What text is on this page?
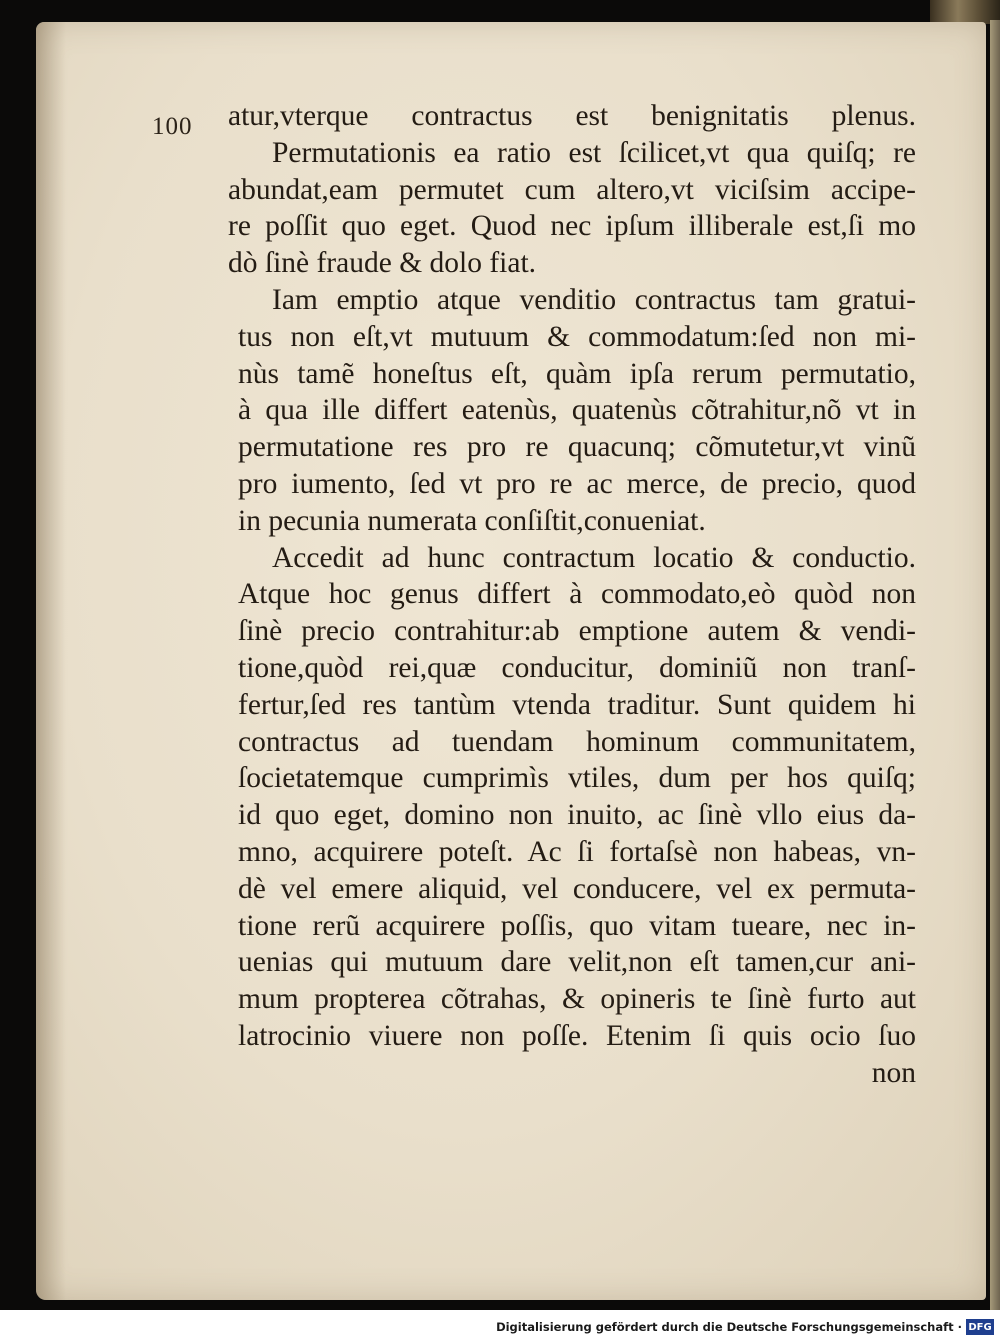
100 atur,vterque contractus est benignitatis plenus.
Permutationis ea ratio est ſcilicet,vt qua quiſq; re
abundat,eam permutet cum altero,vt viciſsim accipe-
re poſſit quo eget. Quod nec ipſum illiberale est,ſi mo
dò ſinè fraude & dolo fiat.
Iam emptio atque venditio contractus tam gratui-
tus non eſt,vt mutuum & commodatum:ſed non mi-
nùs tamẽ honeſtus eſt, quàm ipſa rerum permutatio,
à qua ille differt eatenùs, quatenùs cõtrahitur,nõ vt in
permutatione res pro re quacunq; cõmutetur,vt vinũ
pro iumento, ſed vt pro re ac merce, de precio, quod
in pecunia numerata conſiſtit,conueniat.
Accedit ad hunc contractum locatio & conductio.
Atque hoc genus differt à commodato,eò quòd non
ſinè precio contrahitur:ab emptione autem & vendi-
tione,quòd rei,quæ conducitur, dominiũ non tranſ-
fertur,ſed res tantùm vtenda traditur. Sunt quidem hi
contractus ad tuendam hominum communitatem,
ſocietatemque cumprimìs vtiles, dum per hos quiſq;
id quo eget, domino non inuito, ac ſinè vllo eius da-
mno, acquirere poteſt. Ac ſi fortaſsè non habeas, vn-
dè vel emere aliquid, vel conducere, vel ex permuta-
tione rerũ acquirere poſſis, quo vitam tueare, nec in-
uenias qui mutuum dare velit,non eſt tamen,cur ani-
mum propterea cõtrahas, & opineris te ſinè furto aut
latrocinio viuere non poſſe. Etenim ſi quis ocio ſuo
non
Digitalisierung gefördert durch die Deutsche Forschungsgemeinschaft · DFG
